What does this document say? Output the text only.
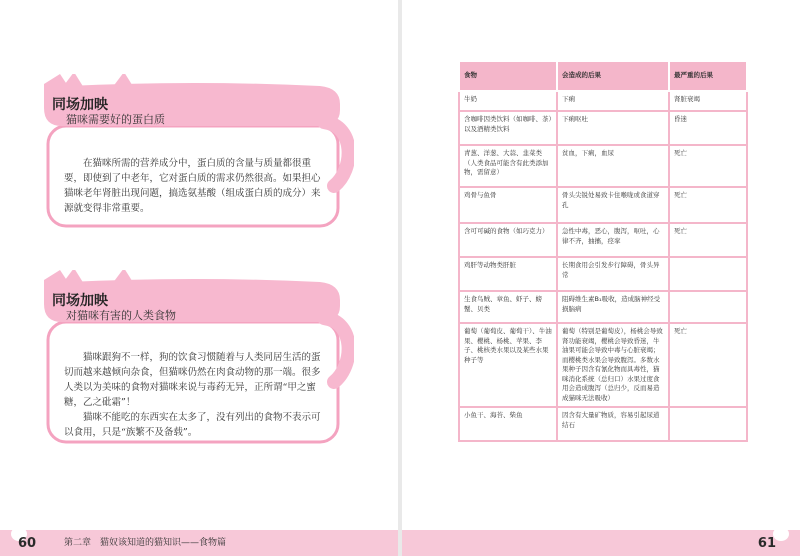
同场加映
猫咪需要好的蛋白质

在猫咪所需的营养成分中，蛋白质的含量与质量都很重要，即使到了中老年，它对蛋白质的需求仍然很高。如果担心猫咪老年肾脏出现问题，搞选氨基酸（组成蛋白质的成分）来源就变得非常重要。

同场加映
对猫咪有害的人类食物

猫咪跟狗不一样，狗的饮食习惯随着与人类同居生活的蛋切而越来越倾向杂食，但猫咪仍然在肉食动物的那一端。很多人类以为美味的食物对猫咪来说与毒药无异，正所谓“甲之蜜糖，乙之砒霜”！

猫咪不能吃的东西实在太多了，没有列出的食物不表示可以食用，只是“族繁不及备载”。

60	第二章　猫奴该知道的猫知识——食物篇
食物	会造成的后果	最严重的后果
牛奶	下痢	肾脏衰竭
含咖啡因类饮料（如咖啡、茶）以及酒精类饮料	下痢呕吐	昏迷
青葱、洋葱、大蒜、韭菜类（人类食品可能含有此类添加物，需留意）	贫血，下痢，血尿	死亡
鸡骨与鱼骨	骨头尖锐处易致卡住喉咙或食道穿孔	死亡
含可可碱的食物（如巧克力）	急性中毒，恶心，腹泻，呕吐，心律不齐，抽搐，痉挛	死亡
鸡肝等动物类肝脏	长期食用会引发步行障碍，骨头异常	
生食鸟贼、章鱼、虾子、螃蟹、贝类	阻碍维生素B₁吸收，造成脑神经受损脑病	
葡萄（葡萄皮、葡萄干）、牛油果、樱桃、杨桃、苹果、李子、桃核类水果以及某些水果种子等	葡萄（特别是葡萄皮），杨桃会导致肾功能衰竭，樱桃会导致昏迷，牛油果可能会导致中毒与心脏衰竭；而樱桃类水果会导致腹泻。多数水果种子因含有氰化物而具毒性，猫咪消化系统（总归口）水果过度食用会造成腹泻（总归少，反而易造成猫咪无法吸收）	死亡
小鱼干、海苔、柴鱼	因含有大量矿物质，容易引起尿道结石	
61
